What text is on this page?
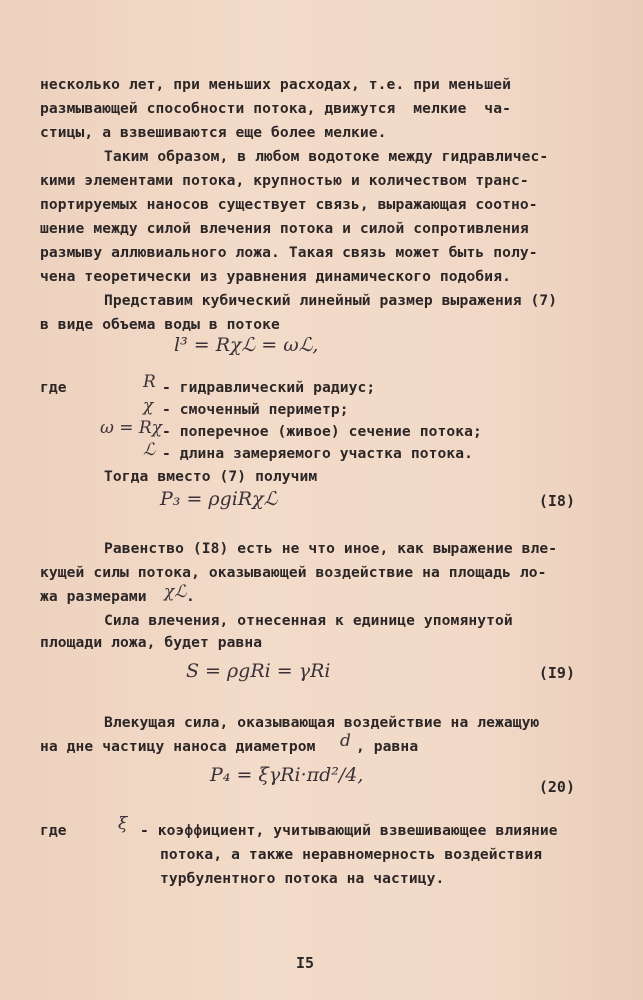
несколько лет, при меньших расходах, т.е. при меньшей
размывающей способности потока, движутся  мелкие  ча-
стицы, а взвешиваются еще более мелкие.
Таким образом, в любом водотоке между гидравличес-
кими элементами потока, крупностью и количеством транс-
портируемых наносов существует связь, выражающая соотно-
шение между силой влечения потока и силой сопротивления
размыву аллювиального ложа. Такая связь может быть полу-
чена теоретически из уравнения динамического подобия.
Представим кубический линейный размер выражения (7)
в виде объема воды в потоке
l³ = Rχℒ = ωℒ,
где	R - гидравлический радиус;
χ - смоченный периметр;
ω = Rχ - поперечное (живое) сечение потока;
ℒ - длина замеряемого участка потока.
Тогда вместо (7) получим
P₃ = ρgiRχℒ	(I8)
Равенство (I8) есть не что иное, как выражение вле-
кущей силы потока, оказывающей воздействие на площадь ло-
жа размерами χℒ .
Сила влечения, отнесенная к единице упомянутой
площади ложа, будет равна
S = ρgRi = γRi	(I9)
Влекущая сила, оказывающая воздействие на лежащую
на дне частицу наноса диаметром d , равна
P₄ = ξγRi·πd²/4,
(20)
где	ξ - коэффициент, учитывающий взвешивающее влияние
потока, а также неравномерность воздействия
турбулентного потока на частицу.
I5
